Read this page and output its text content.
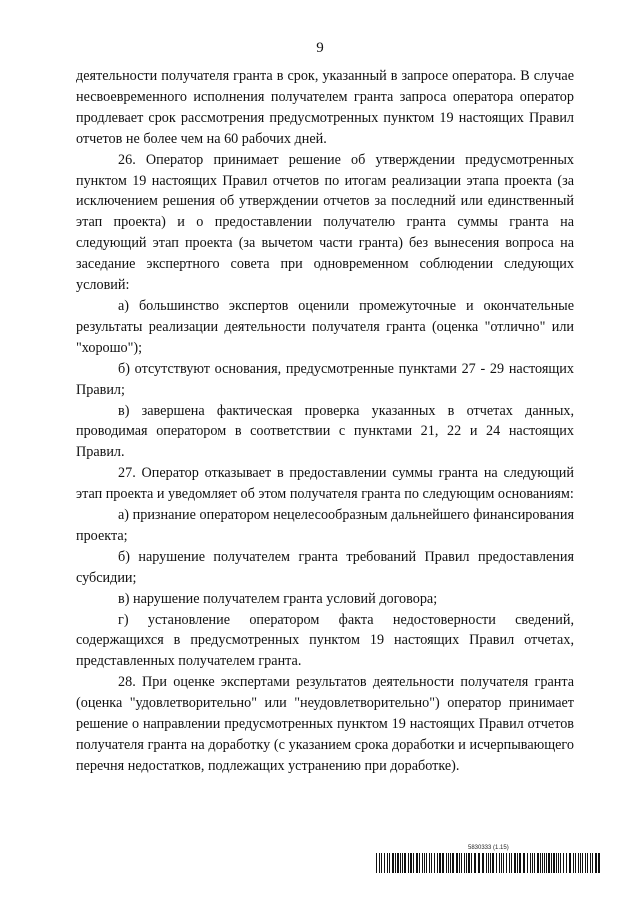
9

деятельности получателя гранта в срок, указанный в запросе оператора. В случае несвоевременного исполнения получателем гранта запроса оператора оператор продлевает срок рассмотрения предусмотренных пунктом 19 настоящих Правил отчетов не более чем на 60 рабочих дней.

26. Оператор принимает решение об утверждении предусмотренных пунктом 19 настоящих Правил отчетов по итогам реализации этапа проекта (за исключением решения об утверждении отчетов за последний или единственный этап проекта) и о предоставлении получателю гранта суммы гранта на следующий этап проекта (за вычетом части гранта) без вынесения вопроса на заседание экспертного совета при одновременном соблюдении следующих условий:

а) большинство экспертов оценили промежуточные и окончательные результаты реализации деятельности получателя гранта (оценка "отлично" или "хорошо");

б) отсутствуют основания, предусмотренные пунктами 27 - 29 настоящих Правил;

в) завершена фактическая проверка указанных в отчетах данных, проводимая оператором в соответствии с пунктами 21, 22 и 24 настоящих Правил.

27. Оператор отказывает в предоставлении суммы гранта на следующий этап проекта и уведомляет об этом получателя гранта по следующим основаниям:

а) признание оператором нецелесообразным дальнейшего финансирования проекта;

б) нарушение получателем гранта требований Правил предоставления субсидии;

в) нарушение получателем гранта условий договора;

г) установление оператором факта недостоверности сведений, содержащихся в предусмотренных пунктом 19 настоящих Правил отчетах, представленных получателем гранта.

28. При оценке экспертами результатов деятельности получателя гранта (оценка "удовлетворительно" или "неудовлетворительно") оператор принимает решение о направлении предусмотренных пунктом 19 настоящих Правил отчетов получателя гранта на доработку (с указанием срока доработки и исчерпывающего перечня недостатков, подлежащих устранению при доработке).

5830333 (1.15)
